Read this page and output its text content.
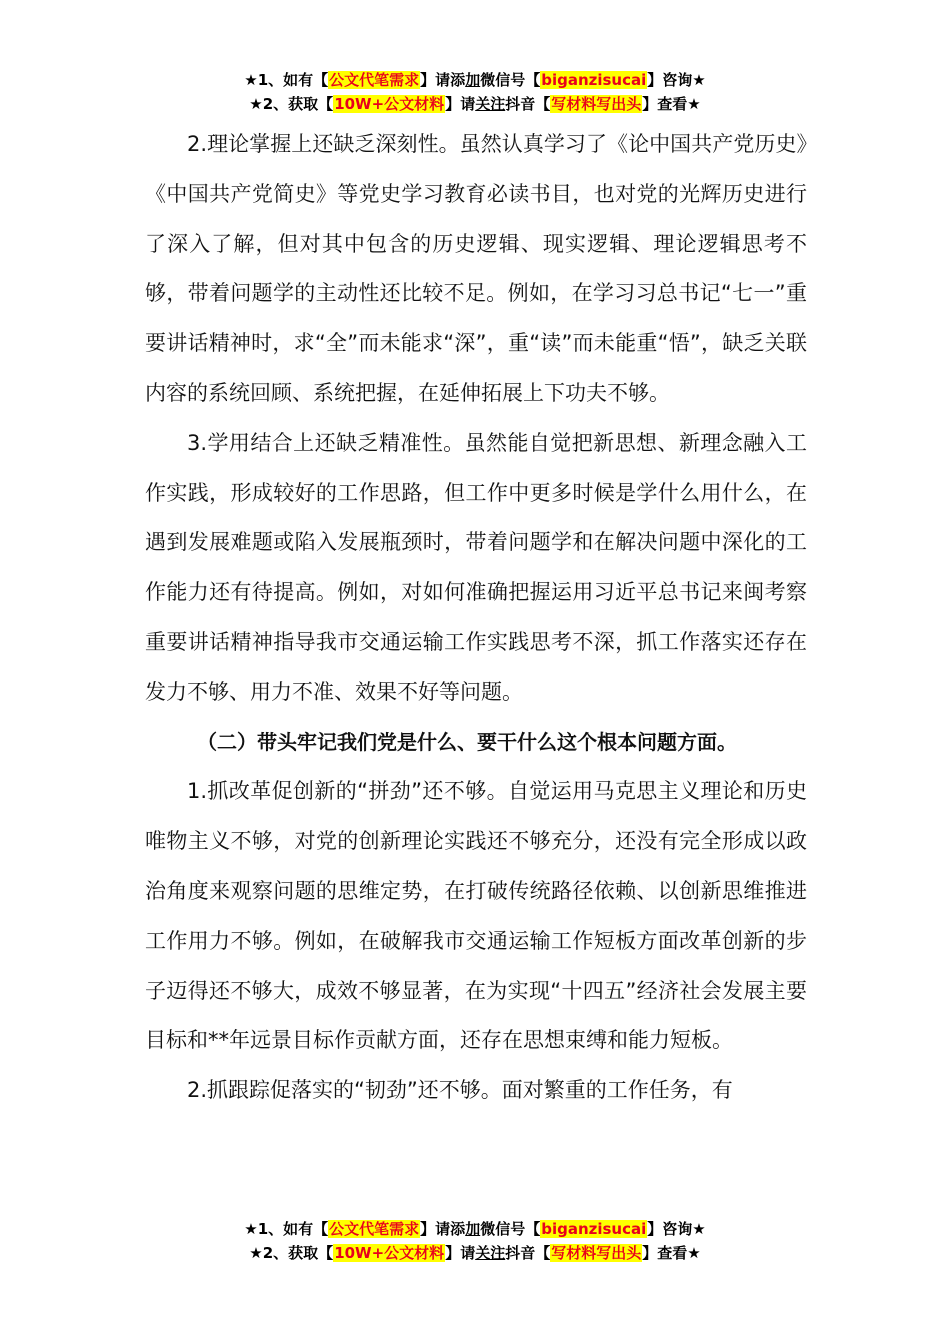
★1、如有【公文代笔需求】请添加微信号【biganzisucai】咨询★
★2、获取【10W+公文材料】请关注抖音【写材料写出头】查看★

2.理论掌握上还缺乏深刻性。虽然认真学习了《论中国共产党历史》《中国共产党简史》等党史学习教育必读书目，也对党的光辉历史进行了深入了解，但对其中包含的历史逻辑、现实逻辑、理论逻辑思考不够，带着问题学的主动性还比较不足。例如，在学习习总书记“七一”重要讲话精神时，求“全”而未能求“深”，重“读”而未能重“悟”，缺乏关联内容的系统回顾、系统把握，在延伸拓展上下功夫不够。

3.学用结合上还缺乏精准性。虽然能自觉把新思想、新理念融入工作实践，形成较好的工作思路，但工作中更多时候是学什么用什么，在遇到发展难题或陷入发展瓶颈时，带着问题学和在解决问题中深化的工作能力还有待提高。例如，对如何准确把握运用习近平总书记来闽考察重要讲话精神指导我市交通运输工作实践思考不深，抓工作落实还存在发力不够、用力不准、效果不好等问题。

（二）带头牢记我们党是什么、要干什么这个根本问题方面。

1.抓改革促创新的“拼劲”还不够。自觉运用马克思主义理论和历史唯物主义不够，对党的创新理论实践还不够充分，还没有完全形成以政治角度来观察问题的思维定势，在打破传统路径依赖、以创新思维推进工作用力不够。例如，在破解我市交通运输工作短板方面改革创新的步子迈得还不够大，成效不够显著，在为实现“十四五”经济社会发展主要目标和**年远景目标作贡献方面，还存在思想束缚和能力短板。

2.抓跟踪促落实的“韧劲”还不够。面对繁重的工作任务，有

★1、如有【公文代笔需求】请添加微信号【biganzisucai】咨询★
★2、获取【10W+公文材料】请关注抖音【写材料写出头】查看★
